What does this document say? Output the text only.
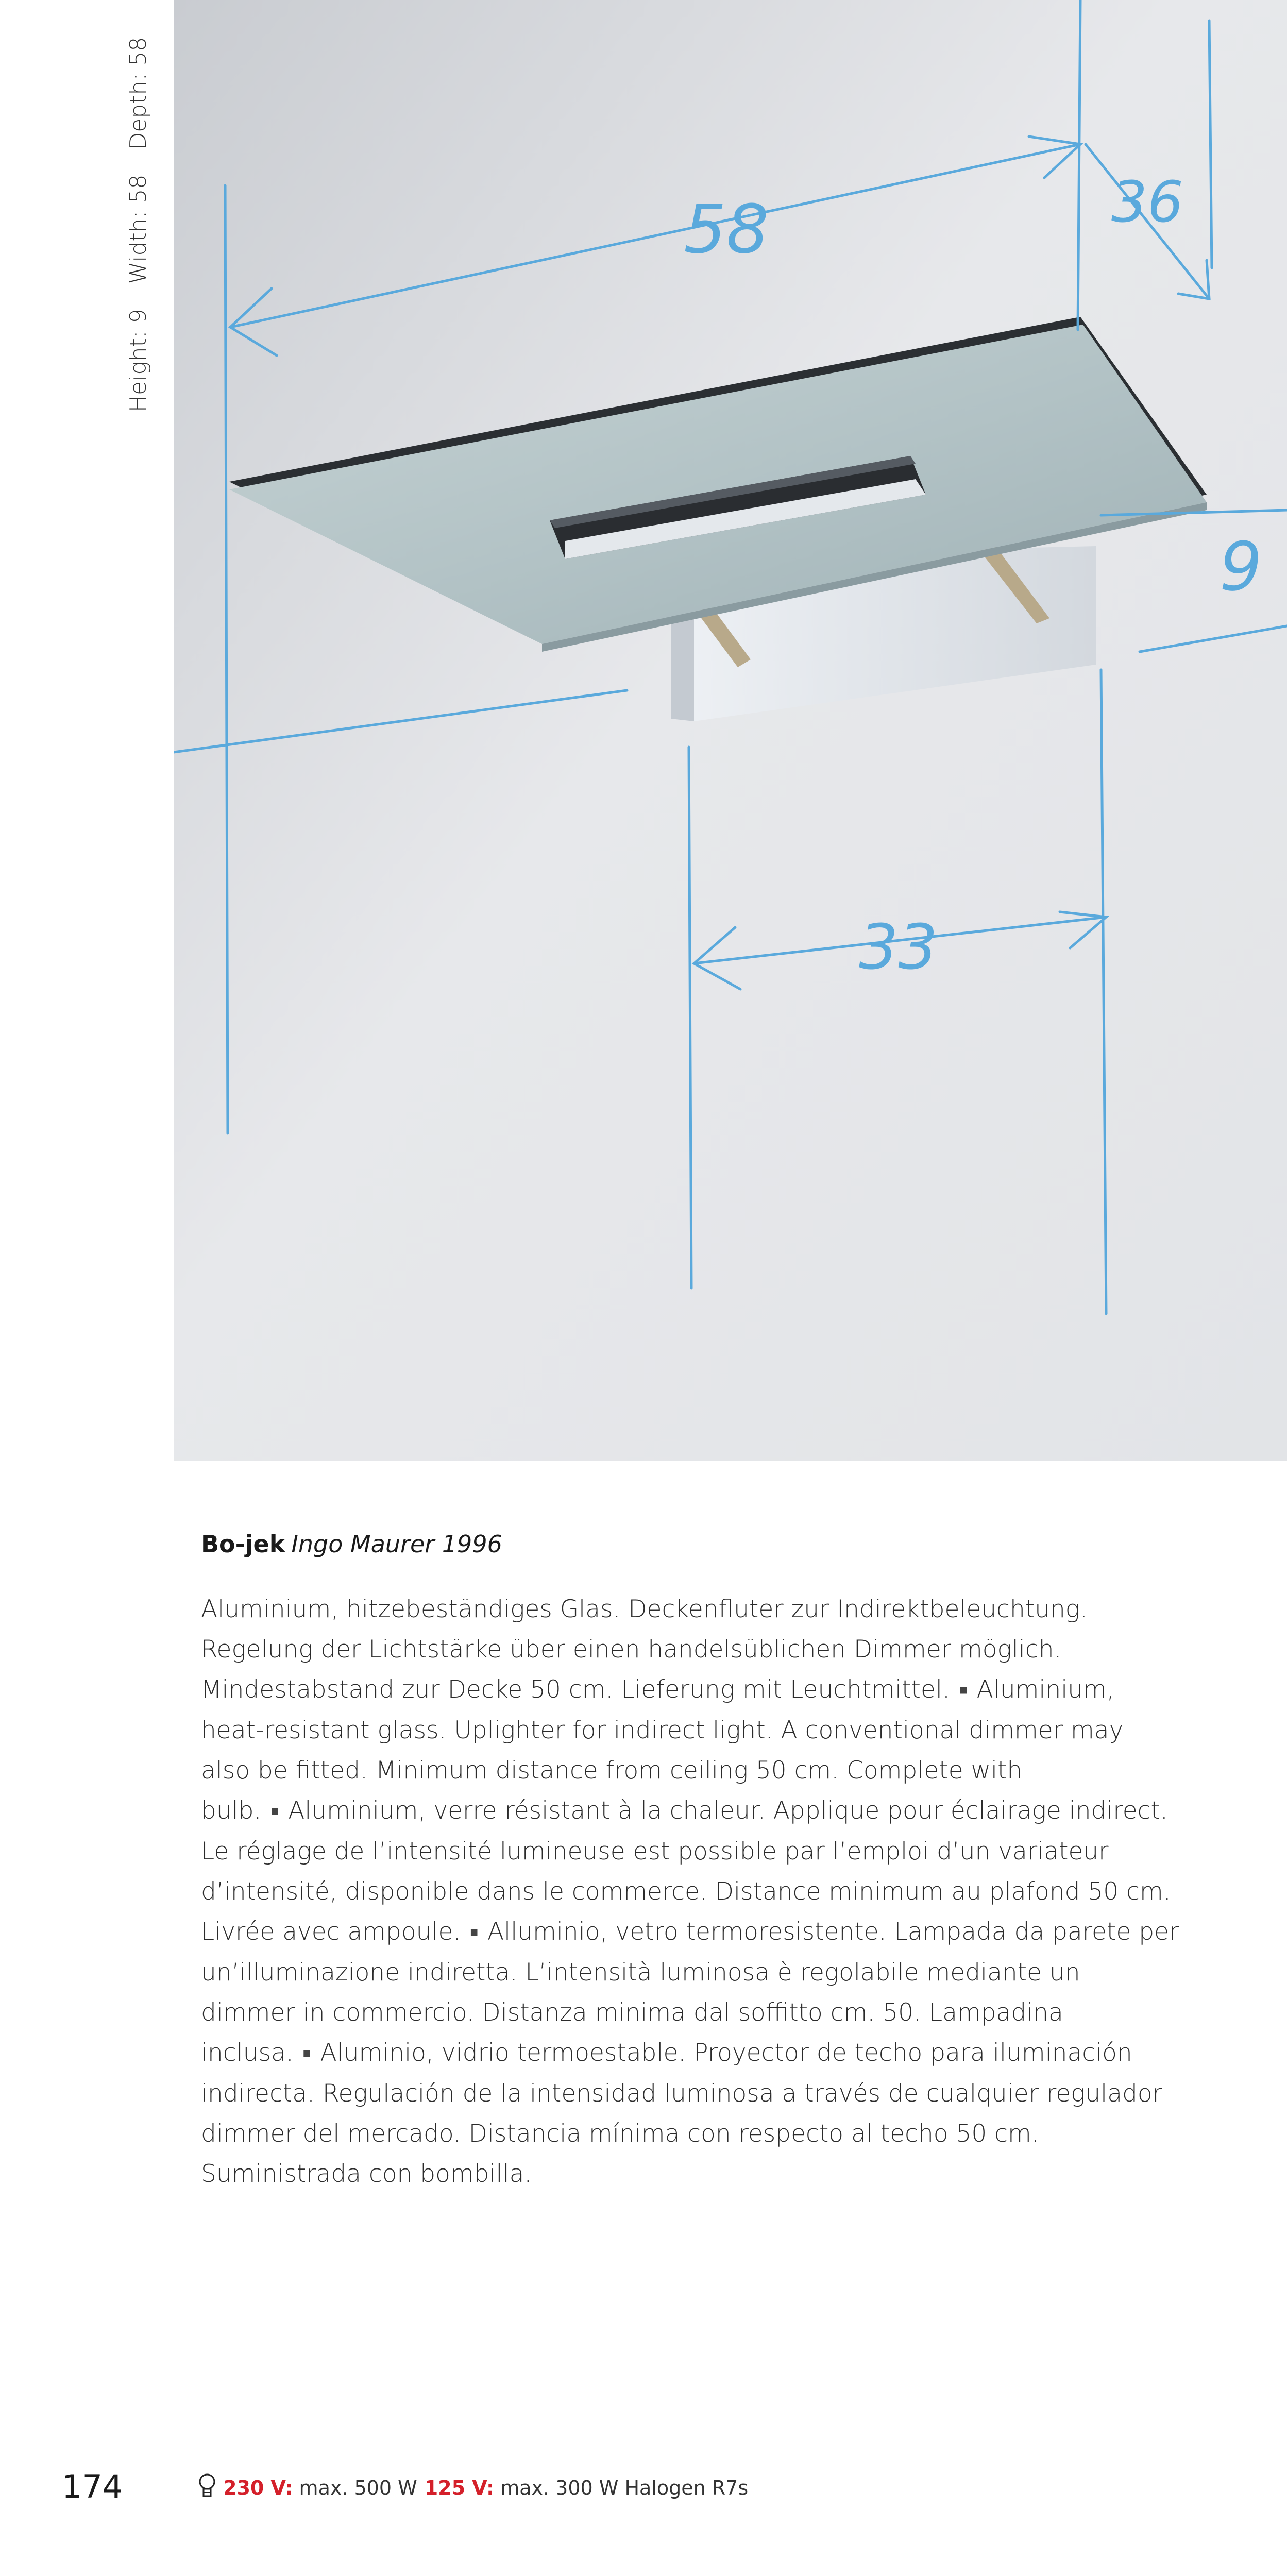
Height: 9 Width: 58 Depth: 58
58	36
9
33
Bo-jek Ingo Maurer 1996
Aluminium, hitzebeständiges Glas. Deckenfluter zur Indirektbeleuchtung. Regelung der Lichtstärke über einen handelsüblichen Dimmer möglich. Mindestabstand zur Decke 50 cm. Lieferung mit Leuchtmittel. ■ Aluminium, heat-resistant glass. Uplighter for indirect light. A conventional dimmer may also be fitted. Minimum distance from ceiling 50 cm. Complete with bulb. ■ Aluminium, verre résistant à la chaleur. Applique pour éclairage indirect. Le réglage de l’intensité lumineuse est possible par l’emploi d’un variateur d’intensité, disponible dans le commerce. Distance minimum au plafond 50 cm. Livrée avec ampoule. ■ Alluminio, vetro termoresistente. Lampada da parete per un’illuminazione indiretta. L’intensità luminosa è regolabile mediante un dimmer in commercio. Distanza minima dal soffitto cm. 50. Lampadina inclusa. ■ Aluminio, vidrio termoestable. Proyector de techo para iluminación indirecta. Regulación de la intensidad luminosa a través de cualquier regulador dimmer del mercado. Distancia mínima con respecto al techo 50 cm. Suministrada con bombilla.
174	230 V: max. 500 W 125 V: max. 300 W Halogen R7s
